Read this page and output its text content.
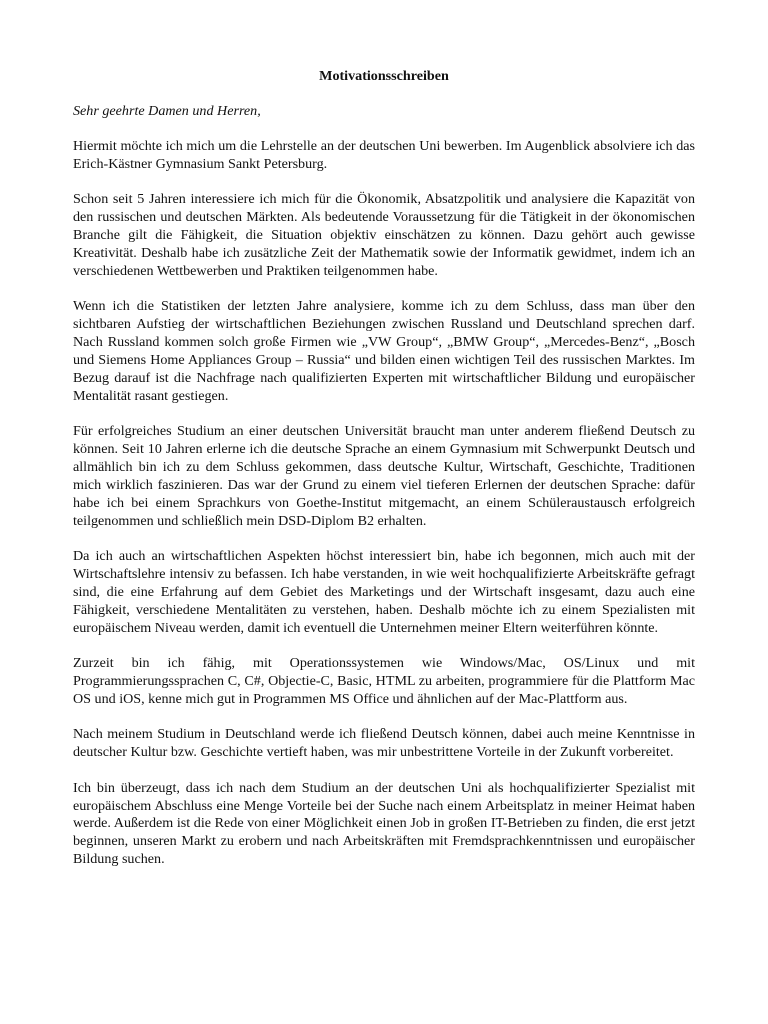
Motivationsschreiben
Sehr geehrte Damen und Herren,

Hiermit möchte ich mich um die Lehrstelle an der deutschen Uni bewerben. Im Augenblick absolviere ich das Erich-Kästner Gymnasium Sankt Petersburg.

Schon seit 5 Jahren interessiere ich mich für die Ökonomik, Absatzpolitik und analysiere die Kapazität von den russischen und deutschen Märkten. Als bedeutende Voraussetzung für die Tätigkeit in der ökonomischen Branche gilt die Fähigkeit, die Situation objektiv einschätzen zu können. Dazu gehört auch gewisse Kreativität. Deshalb habe ich zusätzliche Zeit der Mathematik sowie der Informatik gewidmet, indem ich an verschiedenen Wettbewerben und Praktiken teilgenommen habe.

Wenn ich die Statistiken der letzten Jahre analysiere, komme ich zu dem Schluss, dass man über den sichtbaren Aufstieg der wirtschaftlichen Beziehungen zwischen Russland und Deutschland sprechen darf. Nach Russland kommen solch große Firmen wie „VW Group“, „BMW Group“, „Mercedes-Benz“, „Bosch und Siemens Home Appliances Group – Russia“ und bilden einen wichtigen Teil des russischen Marktes. Im Bezug darauf ist die Nachfrage nach qualifizierten Experten mit wirtschaftlicher Bildung und europäischer Mentalität rasant gestiegen.

Für erfolgreiches Studium an einer deutschen Universität braucht man unter anderem fließend Deutsch zu können. Seit 10 Jahren erlerne ich die deutsche Sprache an einem Gymnasium mit Schwerpunkt Deutsch und allmählich bin ich zu dem Schluss gekommen, dass deutsche Kultur, Wirtschaft, Geschichte, Traditionen mich wirklich faszinieren. Das war der Grund zu einem viel tieferen Erlernen der deutschen Sprache: dafür habe ich bei einem Sprachkurs von Goethe-Institut mitgemacht, an einem Schüleraustausch erfolgreich teilgenommen und schließlich mein DSD-Diplom B2 erhalten.

Da ich auch an wirtschaftlichen Aspekten höchst interessiert bin, habe ich begonnen, mich auch mit der Wirtschaftslehre intensiv zu befassen. Ich habe verstanden, in wie weit hochqualifizierte Arbeitskräfte gefragt sind, die eine Erfahrung auf dem Gebiet des Marketings und der Wirtschaft insgesamt, dazu auch eine Fähigkeit, verschiedene Mentalitäten zu verstehen, haben. Deshalb möchte ich zu einem Spezialisten mit europäischem Niveau werden, damit ich eventuell die Unternehmen meiner Eltern weiterführen könnte.

Zurzeit bin ich fähig, mit Operationssystemen wie Windows/Mac, OS/Linux und mit Programmierungssprachen C, C#, Objectie-C, Basic, HTML zu arbeiten, programmiere für die Plattform Mac OS und iOS, kenne mich gut in Programmen MS Office und ähnlichen auf der Mac-Plattform aus.

Nach meinem Studium in Deutschland werde ich fließend Deutsch können, dabei auch meine Kenntnisse in deutscher Kultur bzw. Geschichte vertieft haben, was mir unbestrittene Vorteile in der Zukunft vorbereitet.

Ich bin überzeugt, dass ich nach dem Studium an der deutschen Uni als hochqualifizierter Spezialist mit europäischem Abschluss eine Menge Vorteile bei der Suche nach einem Arbeitsplatz in meiner Heimat haben werde. Außerdem ist die Rede von einer Möglichkeit einen Job in großen IT-Betrieben zu finden, die erst jetzt beginnen, unseren Markt zu erobern und nach Arbeitskräften mit Fremdsprachkenntnissen und europäischer Bildung suchen.
